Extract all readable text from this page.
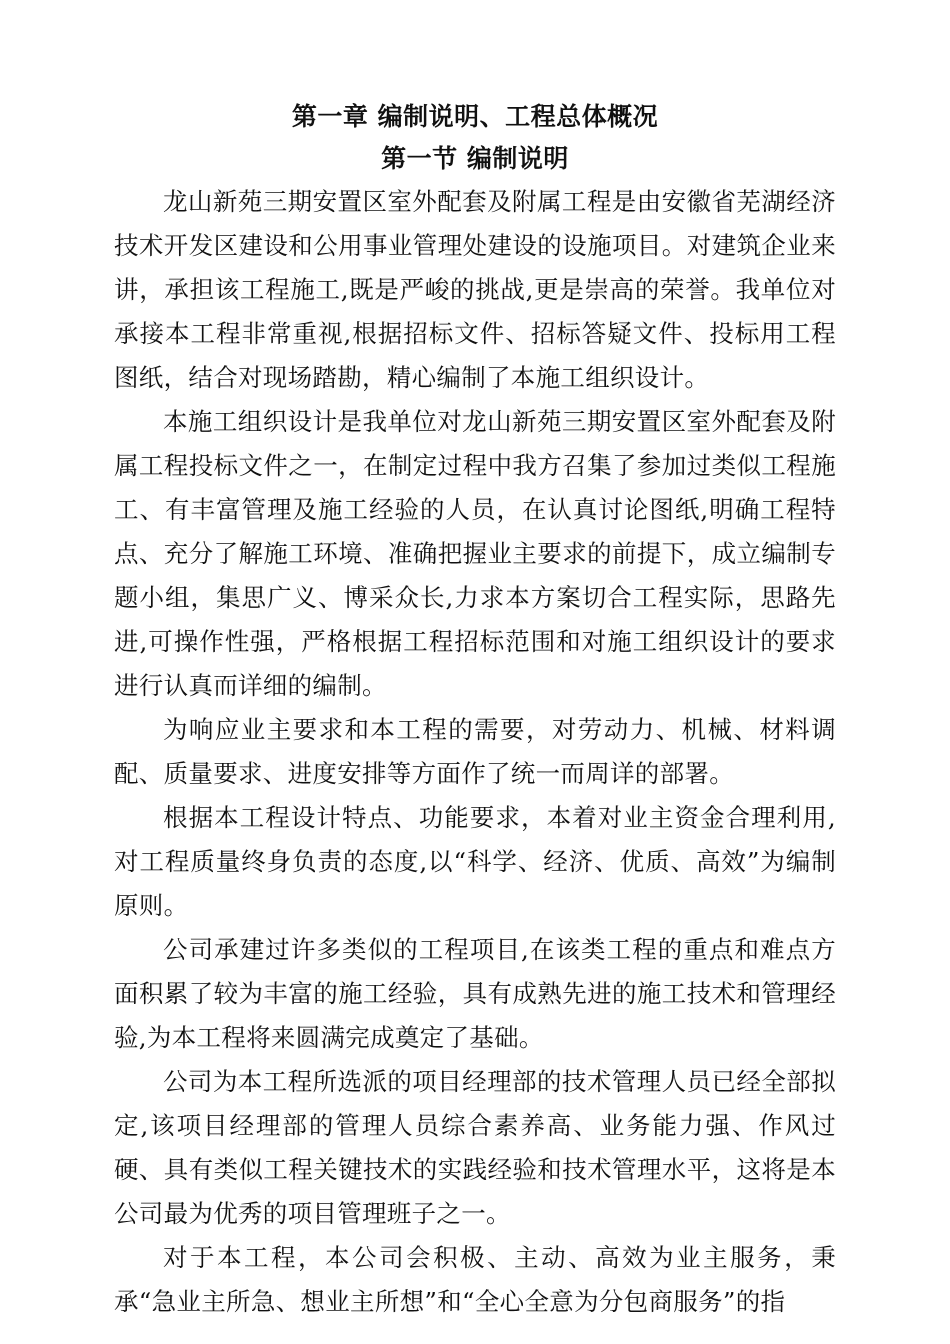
第一章 编制说明、工程总体概况
第一节 编制说明

龙山新苑三期安置区室外配套及附属工程是由安徽省芜湖经济技术开发区建设和公用事业管理处建设的设施项目。对建筑企业来讲，承担该工程施工,既是严峻的挑战,更是崇高的荣誉。我单位对承接本工程非常重视,根据招标文件、招标答疑文件、投标用工程图纸，结合对现场踏勘，精心编制了本施工组织设计。

本施工组织设计是我单位对龙山新苑三期安置区室外配套及附属工程投标文件之一，在制定过程中我方召集了参加过类似工程施工、有丰富管理及施工经验的人员，在认真讨论图纸,明确工程特点、充分了解施工环境、准确把握业主要求的前提下，成立编制专题小组，集思广义、博采众长,力求本方案切合工程实际，思路先进,可操作性强，严格根据工程招标范围和对施工组织设计的要求进行认真而详细的编制。

为响应业主要求和本工程的需要，对劳动力、机械、材料调配、质量要求、进度安排等方面作了统一而周详的部署。

根据本工程设计特点、功能要求，本着对业主资金合理利用,对工程质量终身负责的态度,以“科学、经济、优质、高效”为编制原则。

公司承建过许多类似的工程项目,在该类工程的重点和难点方面积累了较为丰富的施工经验，具有成熟先进的施工技术和管理经验,为本工程将来圆满完成奠定了基础。

公司为本工程所选派的项目经理部的技术管理人员已经全部拟定,该项目经理部的管理人员综合素养高、业务能力强、作风过硬、具有类似工程关键技术的实践经验和技术管理水平，这将是本公司最为优秀的项目管理班子之一。

对于本工程，本公司会积极、主动、高效为业主服务，秉承“急业主所急、想业主所想”和“全心全意为分包商服务”的指
